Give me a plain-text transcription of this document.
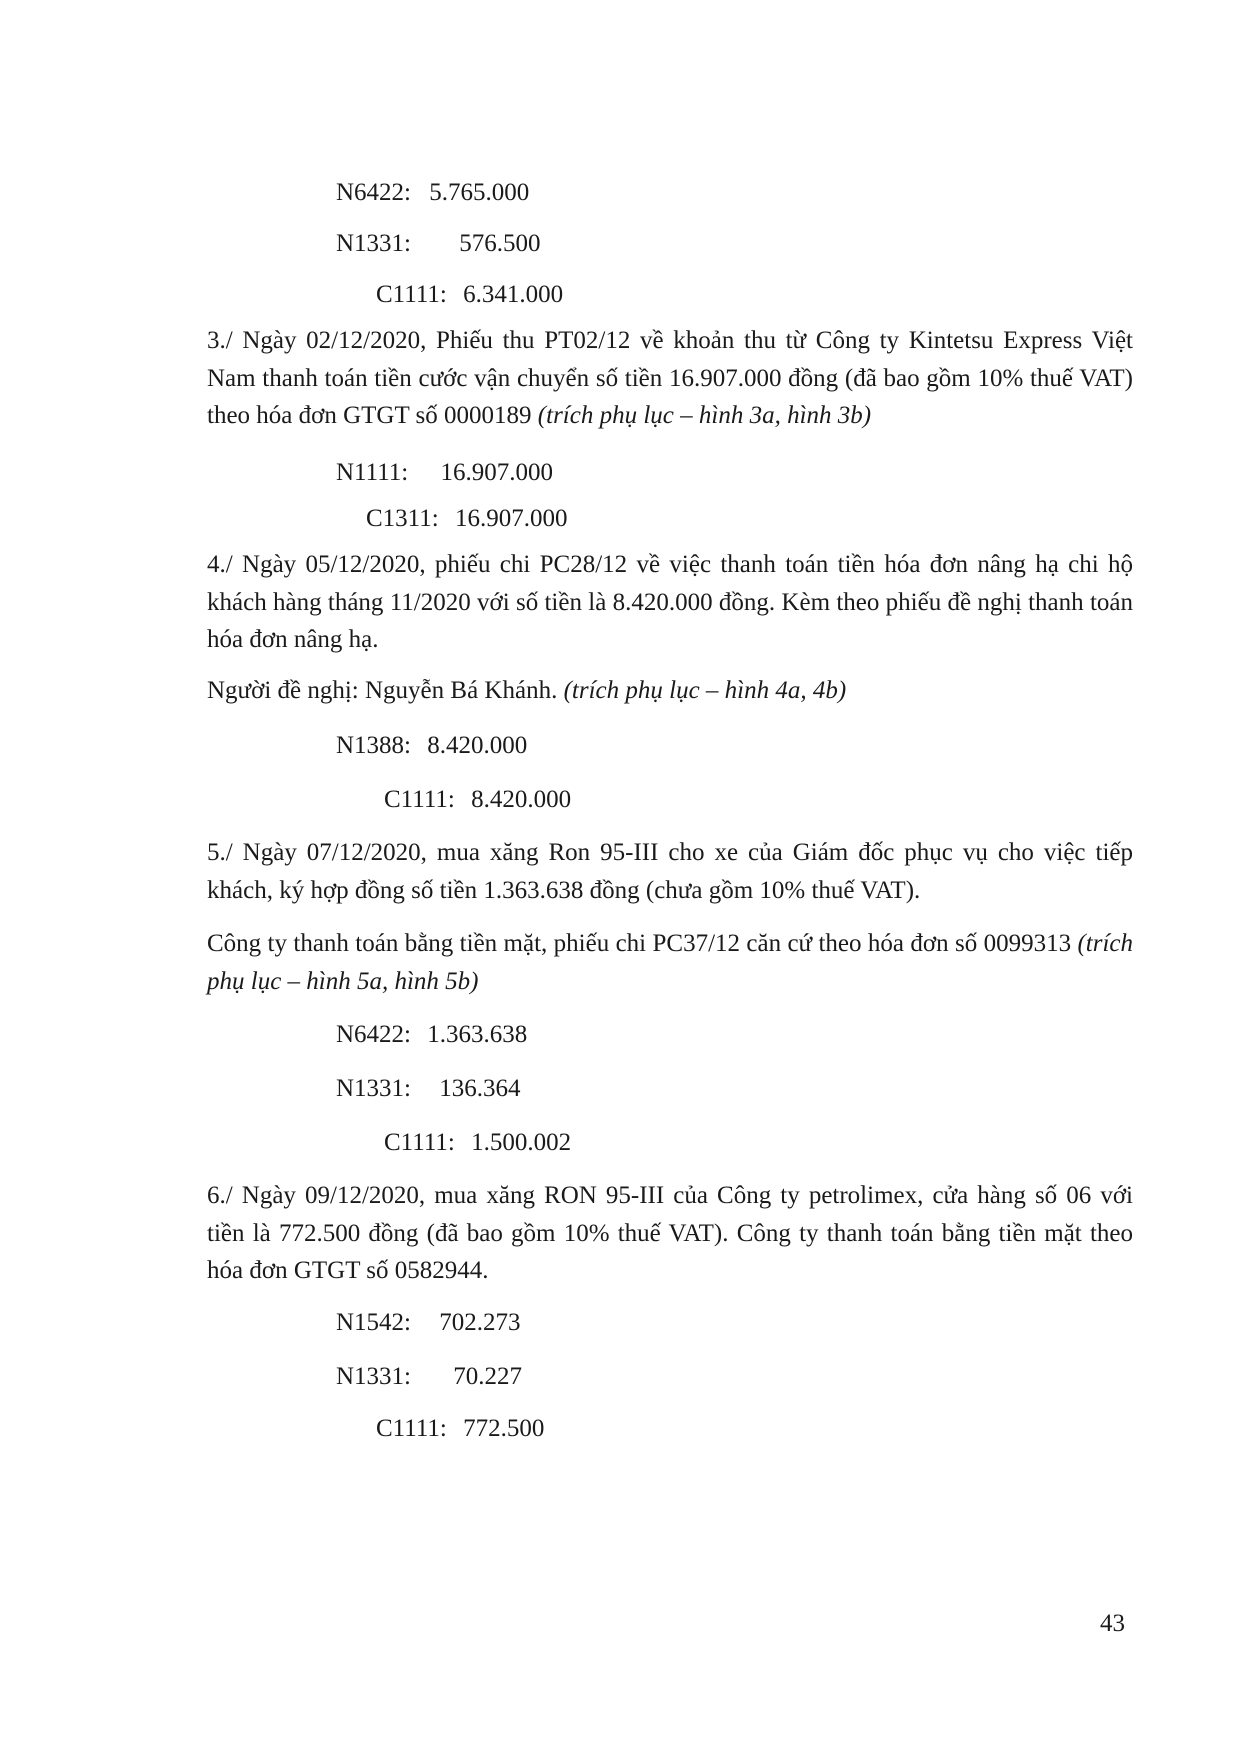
N6422: 5.765.000
N1331: 576.500
C1111: 6.341.000
3./ Ngày 02/12/2020, Phiếu thu PT02/12 về khoản thu từ Công ty Kintetsu Express Việt Nam thanh toán tiền cước vận chuyển số tiền 16.907.000 đồng (đã bao gồm 10% thuế VAT) theo hóa đơn GTGT số 0000189 (trích phụ lục – hình 3a, hình 3b)
N1111: 16.907.000
C1311: 16.907.000
4./ Ngày 05/12/2020, phiếu chi PC28/12 về việc thanh toán tiền hóa đơn nâng hạ chi hộ khách hàng tháng 11/2020 với số tiền là 8.420.000 đồng. Kèm theo phiếu đề nghị thanh toán hóa đơn nâng hạ.
Người đề nghị: Nguyễn Bá Khánh. (trích phụ lục – hình 4a, 4b)
N1388: 8.420.000
C1111: 8.420.000
5./ Ngày 07/12/2020, mua xăng Ron 95-III cho xe của Giám đốc phục vụ cho việc tiếp khách, ký hợp đồng số tiền 1.363.638 đồng (chưa gồm 10% thuế VAT).
Công ty thanh toán bằng tiền mặt, phiếu chi PC37/12 căn cứ theo hóa đơn số 0099313 (trích phụ lục – hình 5a, hình 5b)
N6422: 1.363.638
N1331: 136.364
C1111: 1.500.002
6./ Ngày 09/12/2020, mua xăng RON 95-III của Công ty petrolimex, cửa hàng số 06 với tiền là 772.500 đồng (đã bao gồm 10% thuế VAT). Công ty thanh toán bằng tiền mặt theo hóa đơn GTGT số 0582944.
N1542: 702.273
N1331: 70.227
C1111: 772.500
43
